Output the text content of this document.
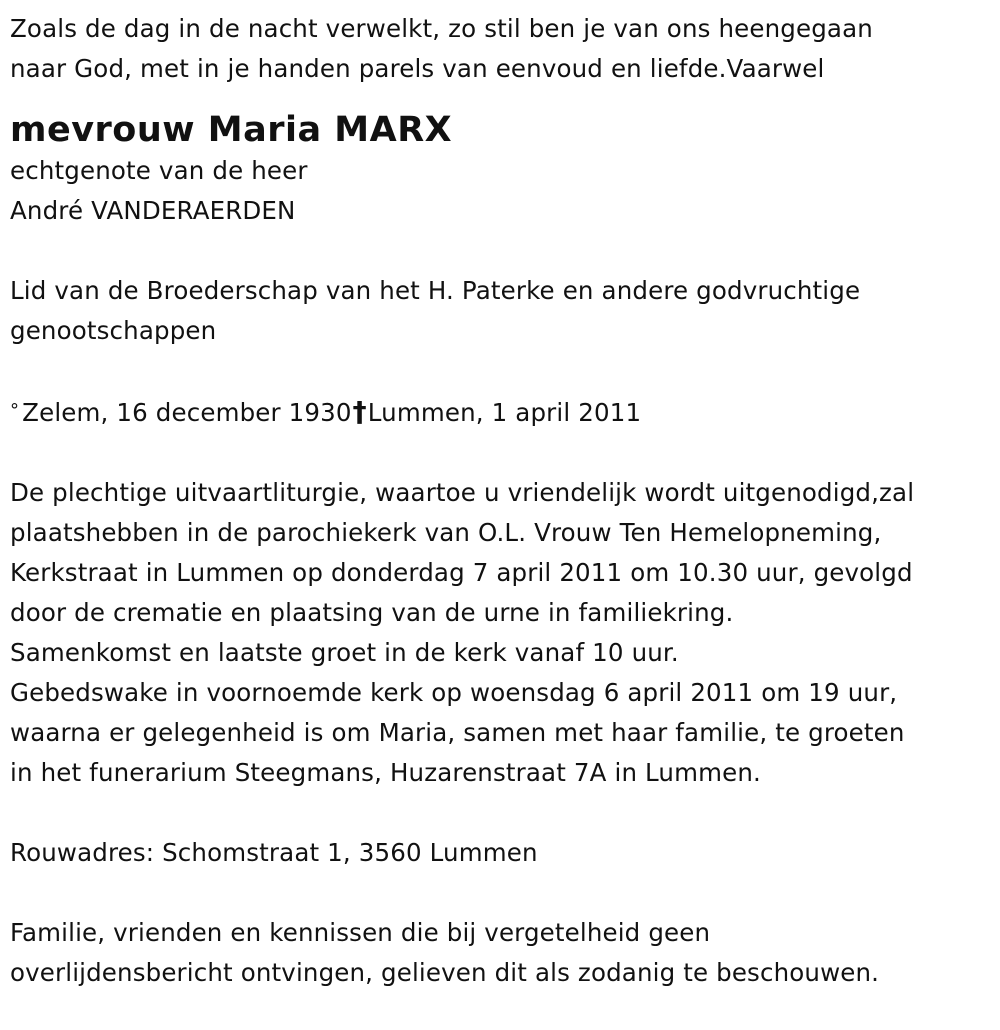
Zoals de dag in de nacht verwelkt, zo stil ben je van ons heengegaan
naar God, met in je handen parels van eenvoud en liefde.Vaarwel
mevrouw Maria MARX
echtgenote van de heer
André VANDERAERDEN
Lid van de Broederschap van het H. Paterke en andere godvruchtige
genootschappen
° Zelem, 16 december 1930†Lummen, 1 april 2011
De plechtige uitvaartliturgie, waartoe u vriendelijk wordt uitgenodigd,zal
plaatshebben in de parochiekerk van O.L. Vrouw Ten Hemelopneming,
Kerkstraat in Lummen op donderdag 7 april 2011 om 10.30 uur, gevolgd
door de crematie en plaatsing van de urne in familiekring.
Samenkomst en laatste groet in de kerk vanaf 10 uur.
Gebedswake in voornoemde kerk op woensdag 6 april 2011 om 19 uur,
waarna er gelegenheid is om Maria, samen met haar familie, te groeten
in het funerarium Steegmans, Huzarenstraat 7A in Lummen.
Rouwadres: Schomstraat 1, 3560 Lummen
Familie, vrienden en kennissen die bij vergetelheid geen
overlijdensbericht ontvingen, gelieven dit als zodanig te beschouwen.
